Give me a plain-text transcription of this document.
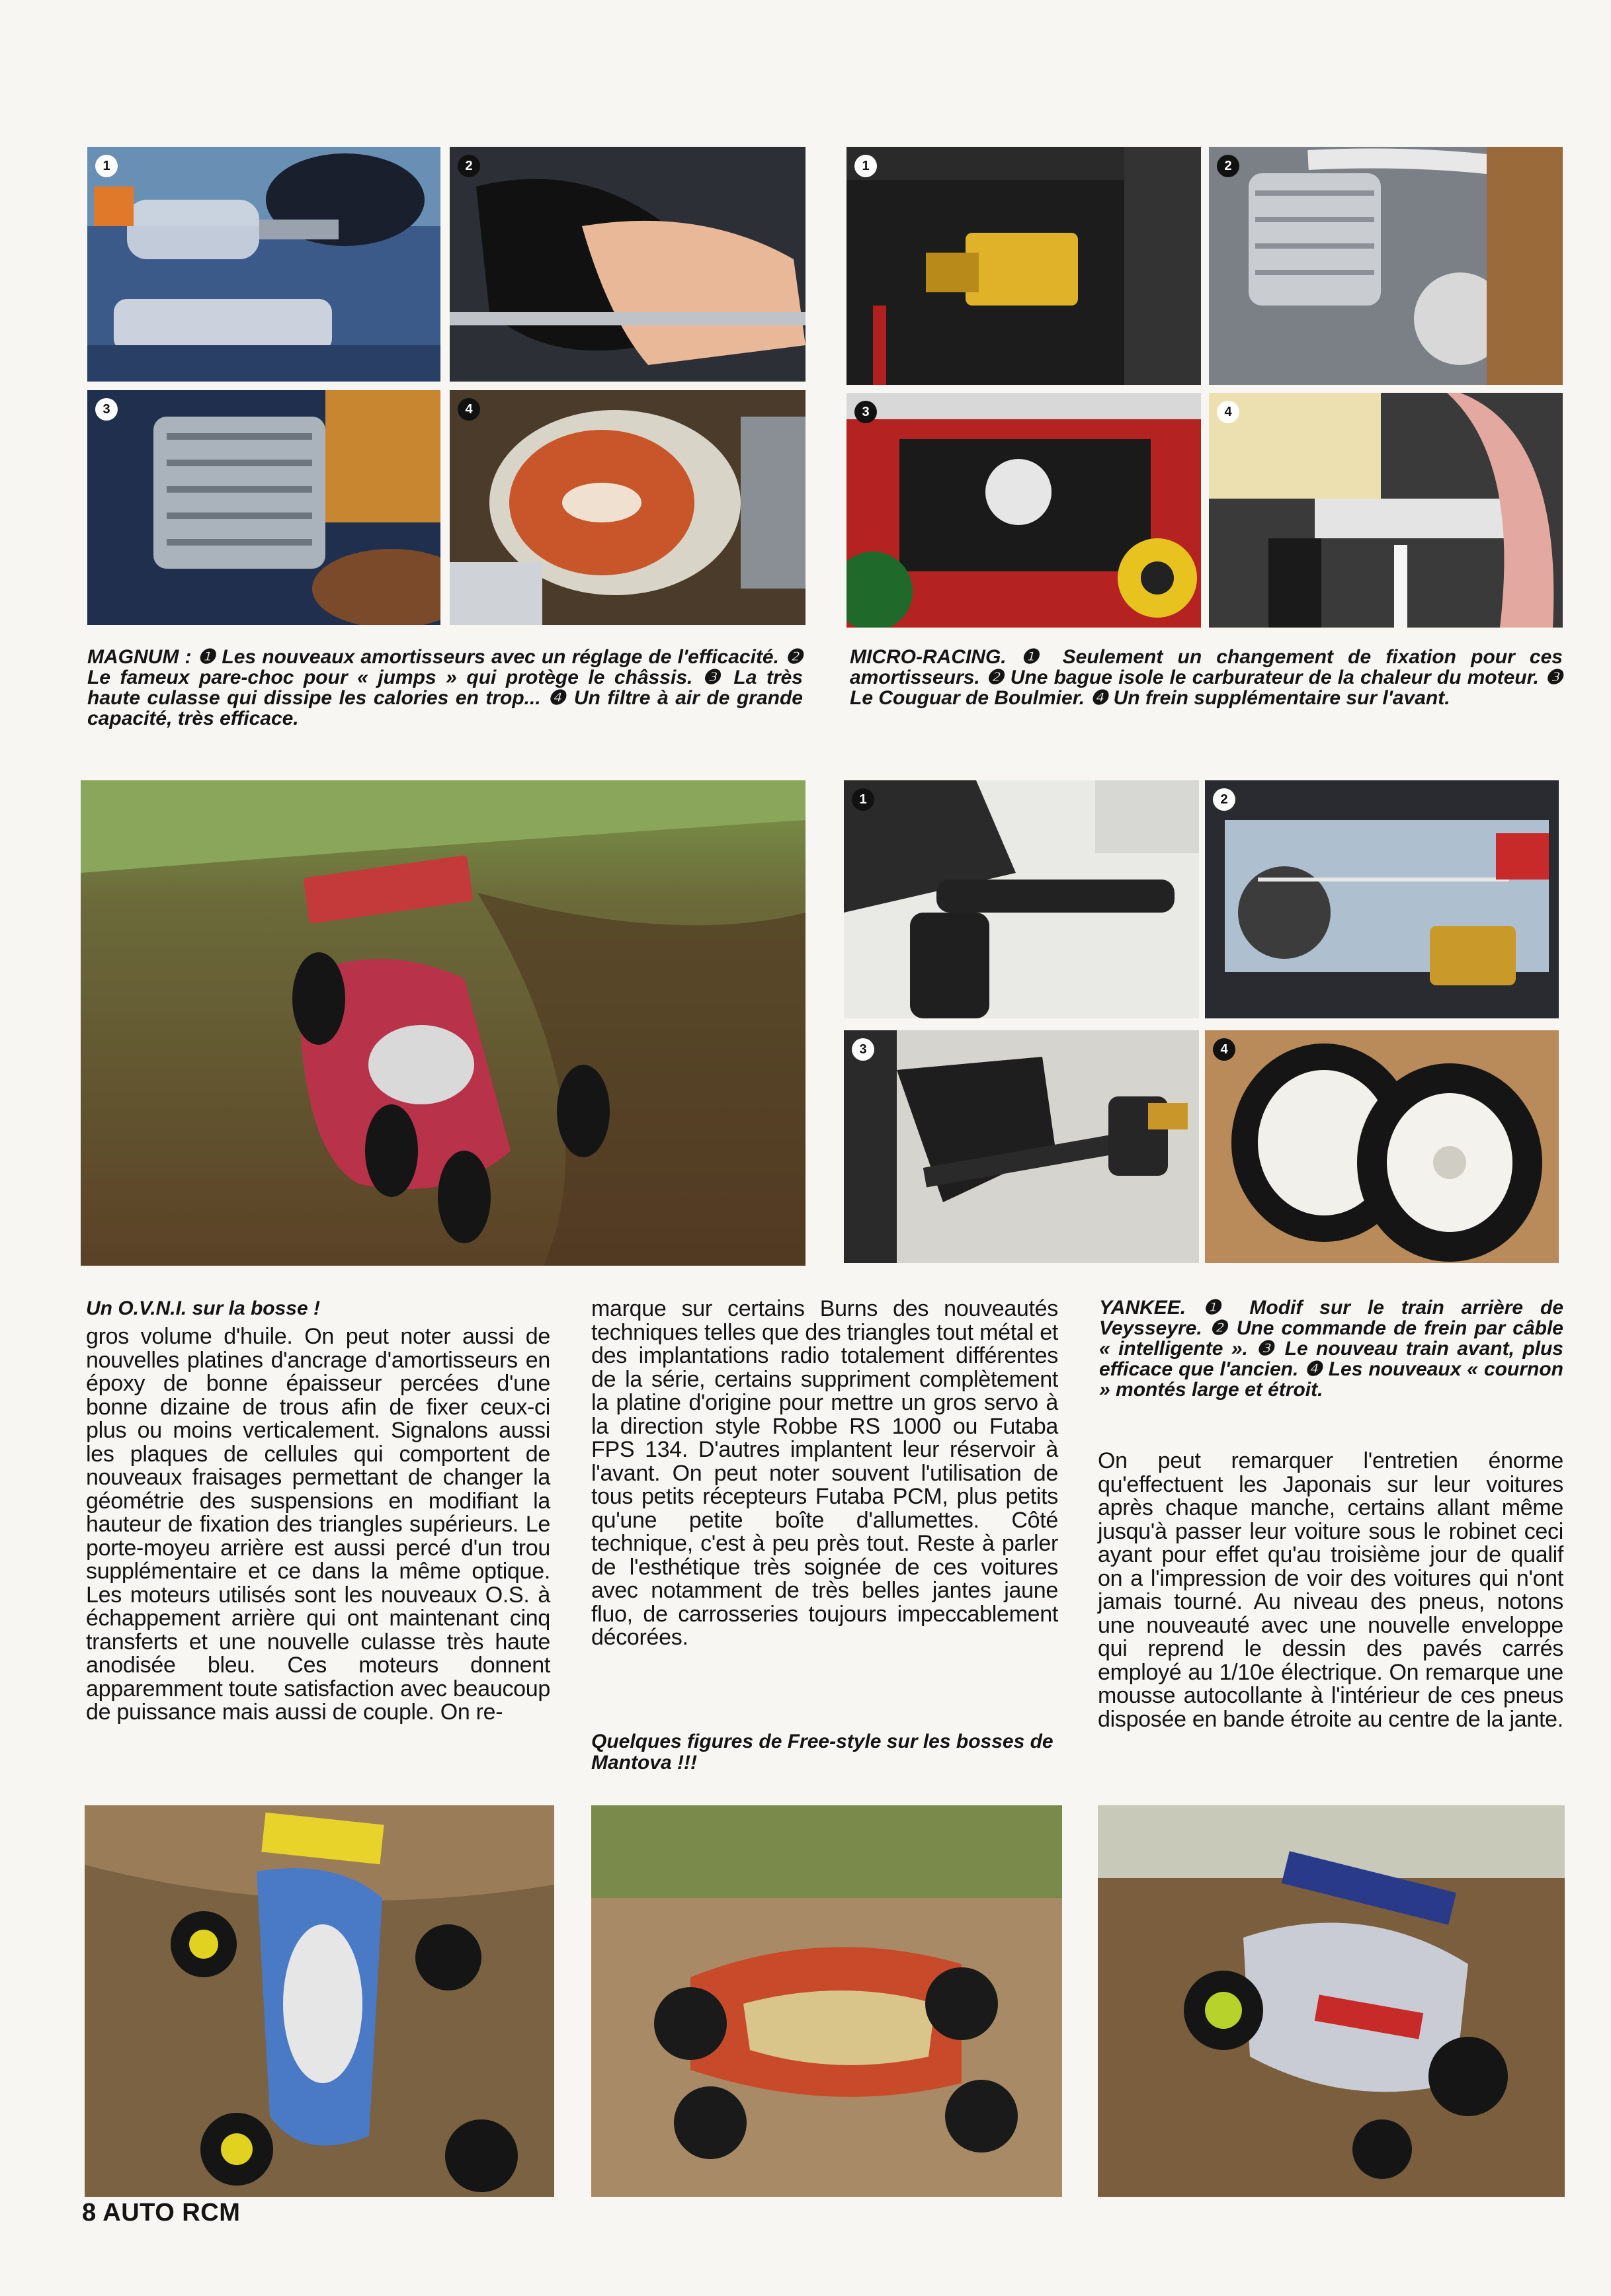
1	2
3	4
1	2
3	4

MAGNUM : ❶ Les nouveaux amortisseurs avec un réglage de l'efficacité. ❷ Le fameux pare-choc pour « jumps » qui protège le châssis. ❸ La très haute culasse qui dissipe les calories en trop... ❹ Un filtre à air de grande capacité, très efficace.

MICRO-RACING. ❶ Seulement un changement de fixation pour ces amortisseurs. ❷ Une bague isole le carburateur de la chaleur du moteur. ❸ Le Couguar de Boulmier. ❹ Un frein supplémentaire sur l'avant.

1	2
3	4

Un O.V.N.I. sur la bosse !

gros volume d'huile. On peut noter aussi de nouvelles platines d'ancrage d'amortisseurs en époxy de bonne épaisseur percées d'une bonne dizaine de trous afin de fixer ceux-ci plus ou moins verticalement. Signalons aussi les plaques de cellules qui comportent de nouveaux fraisages permettant de changer la géométrie des suspensions en modifiant la hauteur de fixation des triangles supérieurs. Le porte-moyeu arrière est aussi percé d'un trou supplémentaire et ce dans la même optique. Les moteurs utilisés sont les nouveaux O.S. à échappement arrière qui ont maintenant cinq transferts et une nouvelle culasse très haute anodisée bleu. Ces moteurs donnent apparemment toute satisfaction avec beaucoup de puissance mais aussi de couple. On re-

marque sur certains Burns des nouveautés techniques telles que des triangles tout métal et des implantations radio totalement différentes de la série, certains suppriment complètement la platine d'origine pour mettre un gros servo à la direction style Robbe RS 1000 ou Futaba FPS 134. D'autres implantent leur réservoir à l'avant. On peut noter souvent l'utilisation de tous petits récepteurs Futaba PCM, plus petits qu'une petite boîte d'allumettes. Côté technique, c'est à peu près tout. Reste à parler de l'esthétique très soignée de ces voitures avec notamment de très belles jantes jaune fluo, de carrosseries toujours impeccablement décorées.

Quelques figures de Free-style sur les bosses de Mantova !!!

YANKEE. ❶ Modif sur le train arrière de Veysseyre. ❷ Une commande de frein par câble « intelligente ». ❸ Le nouveau train avant, plus efficace que l'ancien. ❹ Les nouveaux « cournon » montés large et étroit.

On peut remarquer l'entretien énorme qu'effectuent les Japonais sur leur voitures après chaque manche, certains allant même jusqu'à passer leur voiture sous le robinet ceci ayant pour effet qu'au troisième jour de qualif on a l'impression de voir des voitures qui n'ont jamais tourné. Au niveau des pneus, notons une nouveauté avec une nouvelle enveloppe qui reprend le dessin des pavés carrés employé au 1/10e électrique. On remarque une mousse autocollante à l'intérieur de ces pneus disposée en bande étroite au centre de la jante.

8 AUTO RCM
